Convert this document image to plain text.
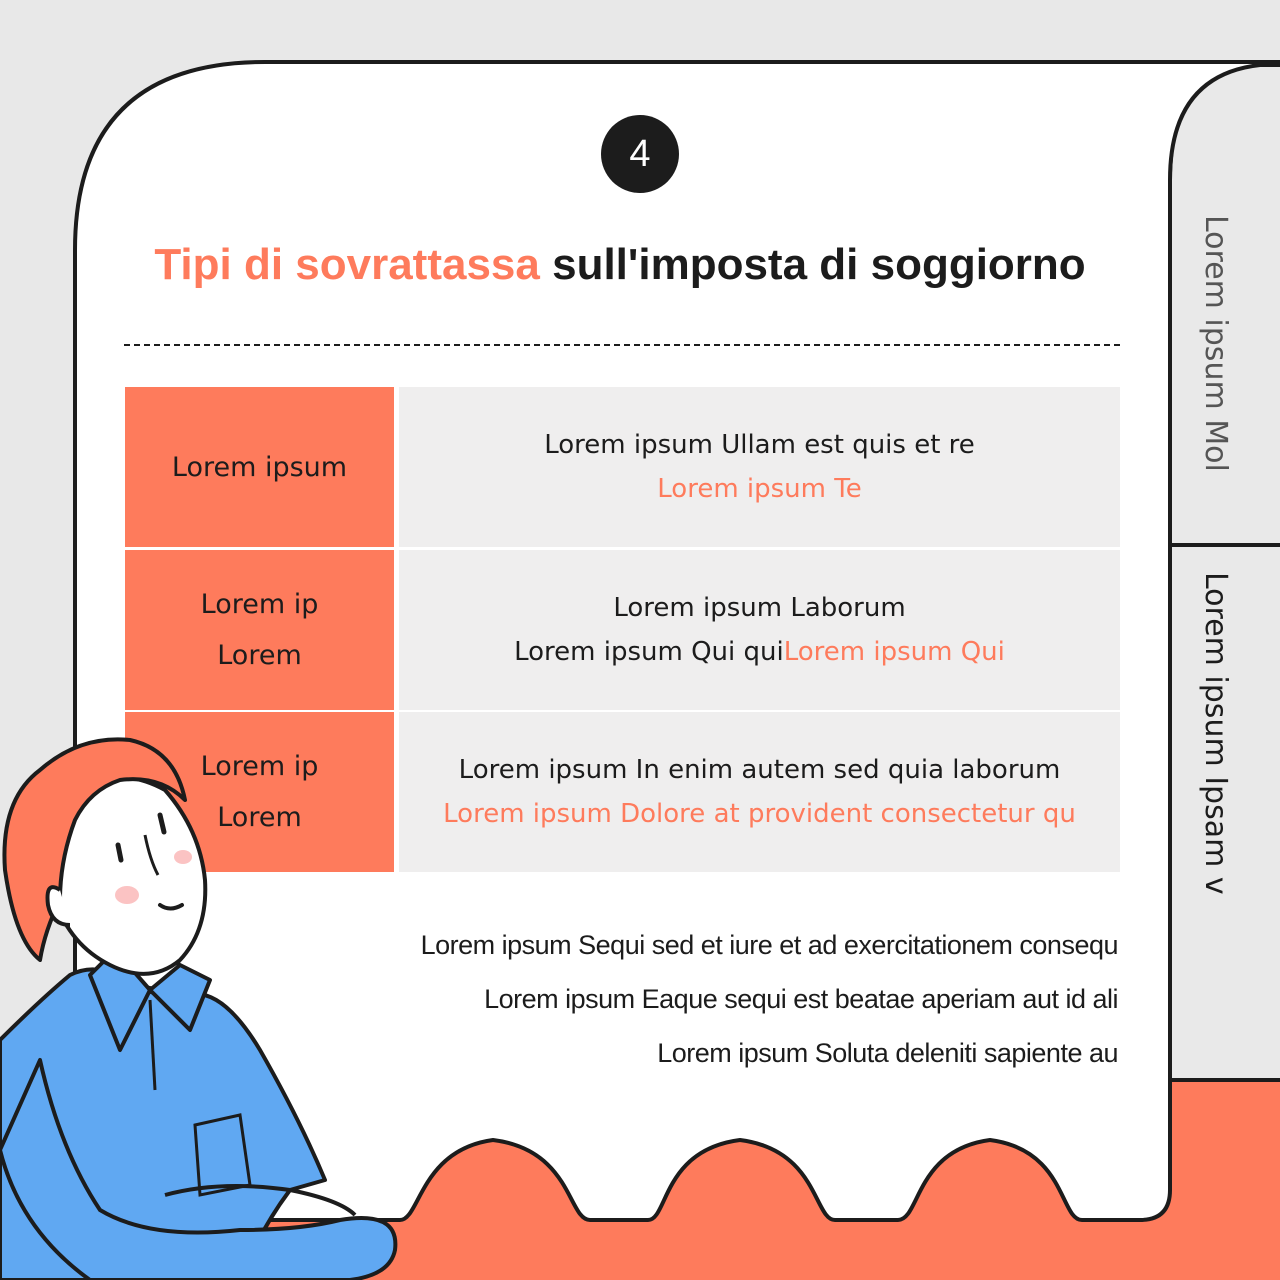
4
Tipi di sovrattassa sull'imposta di soggiorno
Lorem ipsum
Lorem ipsum Ullam est quis et re
Lorem ipsum Te
Lorem ip
Lorem
Lorem ipsum Laborum
Lorem ipsum Qui quiLorem ipsum Qui
Lorem ip
Lorem
Lorem ipsum In enim autem sed quia laborum
Lorem ipsum Dolore at provident consectetur qu
Lorem ipsum Sequi sed et iure et ad exercitationem consequ
Lorem ipsum Eaque sequi est beatae aperiam aut id ali
Lorem ipsum Soluta deleniti sapiente au
Lorem ipsum Mol
Lorem ipsum Ipsam v
